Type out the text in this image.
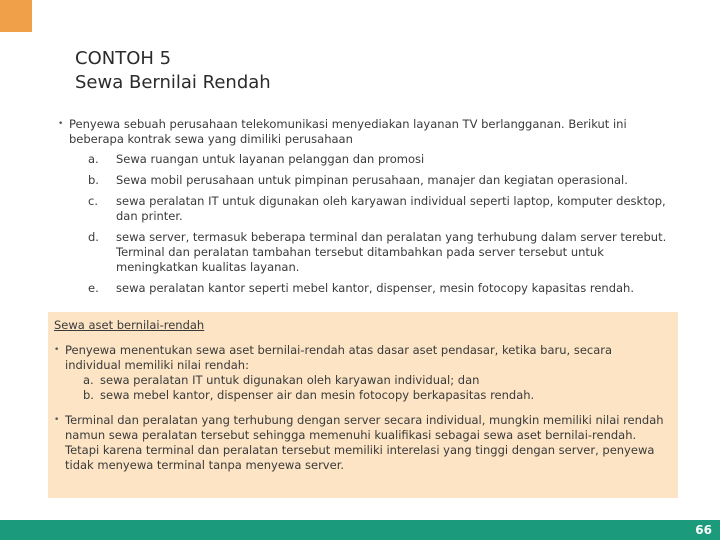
CONTOH 5
Sewa Bernilai Rendah
• Penyewa sebuah perusahaan telekomunikasi menyediakan layanan TV berlangganan. Berikut ini beberapa kontrak sewa yang dimiliki perusahaan
a.	Sewa ruangan untuk layanan pelanggan dan promosi
b.	Sewa mobil perusahaan untuk pimpinan perusahaan, manajer dan kegiatan operasional.
c.	sewa peralatan IT untuk digunakan oleh karyawan individual seperti laptop, komputer desktop, dan printer.
d.	sewa server, termasuk beberapa terminal dan peralatan yang terhubung dalam server terebut. Terminal dan peralatan tambahan tersebut ditambahkan pada server tersebut untuk meningkatkan kualitas layanan.
e.	sewa peralatan kantor seperti mebel kantor, dispenser, mesin fotocopy kapasitas rendah.
Sewa aset bernilai-rendah
• Penyewa menentukan sewa aset bernilai-rendah atas dasar aset pendasar, ketika baru, secara individual memiliki nilai rendah:
a. sewa peralatan IT untuk digunakan oleh karyawan individual; dan
b. sewa mebel kantor, dispenser air dan mesin fotocopy berkapasitas rendah.
• Terminal dan peralatan yang terhubung dengan server secara individual, mungkin memiliki nilai rendah namun sewa peralatan tersebut sehingga memenuhi kualifikasi sebagai sewa aset bernilai-rendah. Tetapi karena terminal dan peralatan tersebut memiliki interelasi yang tinggi dengan server, penyewa tidak menyewa terminal tanpa menyewa server.
66
